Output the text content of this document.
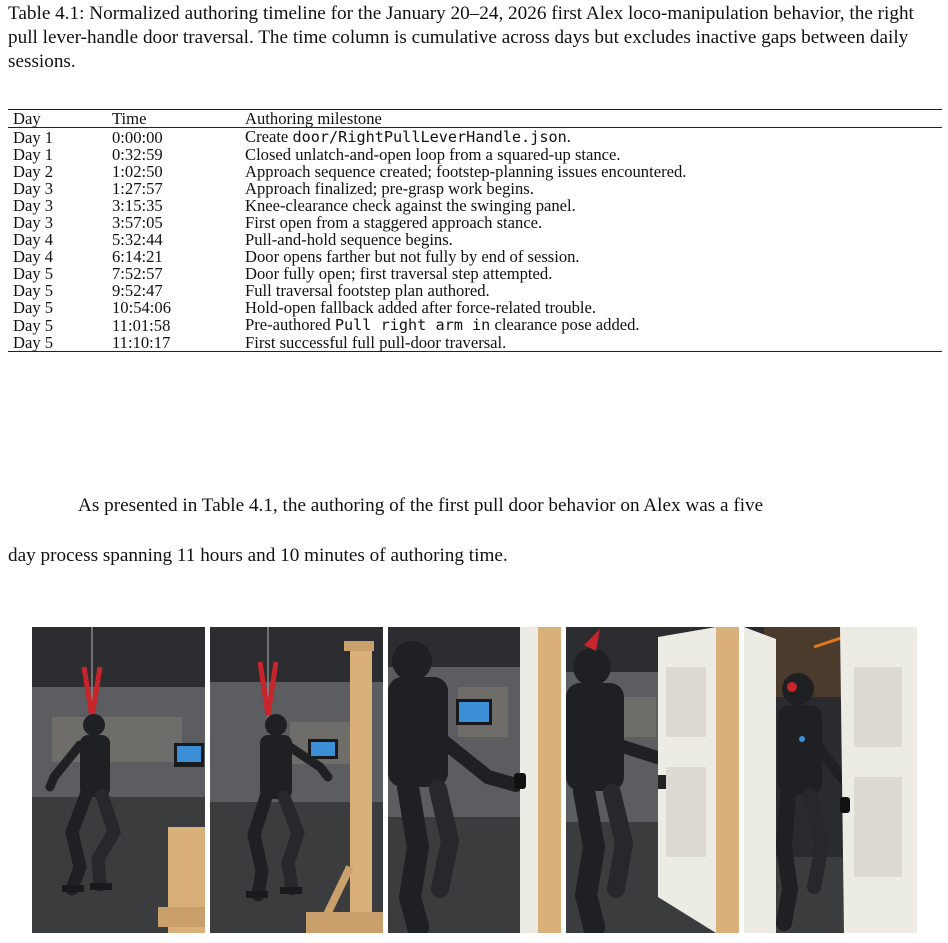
Table 4.1: Normalized authoring timeline for the January 20–24, 2026 first Alex loco-manipulation behavior, the right pull lever-handle door traversal. The time column is cumulative across days but excludes inactive gaps between daily sessions.

Day	Time	Authoring milestone
Day 1	0:00:00	Create door/RightPullLeverHandle.json.
Day 1	0:32:59	Closed unlatch-and-open loop from a squared-up stance.
Day 2	1:02:50	Approach sequence created; footstep-planning issues encountered.
Day 3	1:27:57	Approach finalized; pre-grasp work begins.
Day 3	3:15:35	Knee-clearance check against the swinging panel.
Day 3	3:57:05	First open from a staggered approach stance.
Day 4	5:32:44	Pull-and-hold sequence begins.
Day 4	6:14:21	Door opens farther but not fully by end of session.
Day 5	7:52:57	Door fully open; first traversal step attempted.
Day 5	9:52:47	Full traversal footstep plan authored.
Day 5	10:54:06	Hold-open fallback added after force-related trouble.
Day 5	11:01:58	Pre-authored Pull right arm in clearance pose added.
Day 5	11:10:17	First successful full pull-door traversal.

As presented in Table 4.1, the authoring of the first pull door behavior on Alex was a five

day process spanning 11 hours and 10 minutes of authoring time.
